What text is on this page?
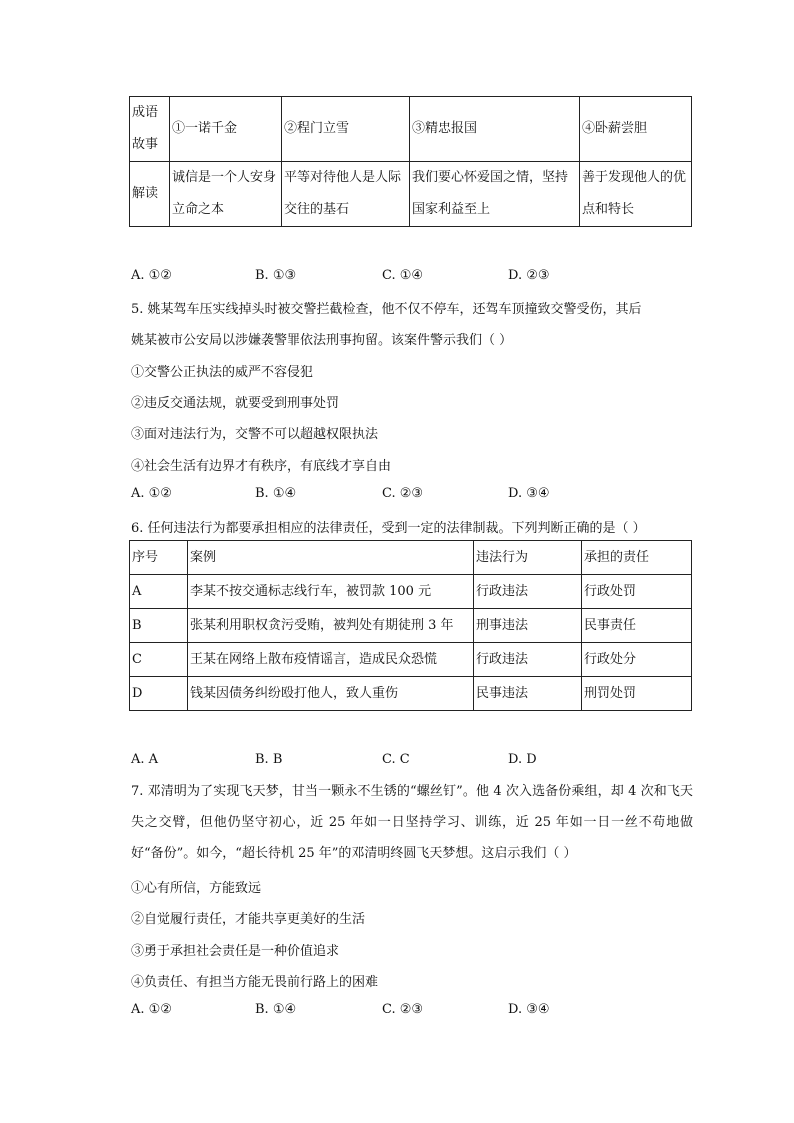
成语故事	①一诺千金	②程门立雪	③精忠报国	④卧薪尝胆
解读	诚信是一个人安身立命之本	平等对待他人是人际交往的基石	我们要心怀爱国之情，坚持国家利益至上	善于发现他人的优点和特长
A. ①②	B. ①③	C. ①④	D. ②③
5. 姚某驾车压实线掉头时被交警拦截检查，他不仅不停车，还驾车顶撞致交警受伤，其后
姚某被市公安局以涉嫌袭警罪依法刑事拘留。该案件警示我们（ ）
①交警公正执法的威严不容侵犯
②违反交通法规，就要受到刑事处罚
③面对违法行为，交警不可以超越权限执法
④社会生活有边界才有秩序，有底线才享自由
A. ①②	B. ①④	C. ②③	D. ③④
6. 任何违法行为都要承担相应的法律责任，受到一定的法律制裁。下列判断正确的是（ ）
序号	案例	违法行为	承担的责任
A	李某不按交通标志线行车，被罚款 100 元	行政违法	行政处罚
B	张某利用职权贪污受贿，被判处有期徒刑 3 年	刑事违法	民事责任
C	王某在网络上散布疫情谣言，造成民众恐慌	行政违法	行政处分
D	钱某因债务纠纷殴打他人，致人重伤	民事违法	刑罚处罚
A. A	B. B	C. C	D. D
7. 邓清明为了实现飞天梦，甘当一颗永不生锈的“螺丝钉”。他 4 次入选备份乘组，却 4 次和飞天失之交臂，但他仍坚守初心，近 25 年如一日坚持学习、训练，近 25 年如一日一丝不苟地做好“备份”。如今，“超长待机 25 年”的邓清明终圆飞天梦想。这启示我们（ ）
①心有所信，方能致远
②自觉履行责任，才能共享更美好的生活
③勇于承担社会责任是一种价值追求
④负责任、有担当方能无畏前行路上的困难
A. ①②	B. ①④	C. ②③	D. ③④
